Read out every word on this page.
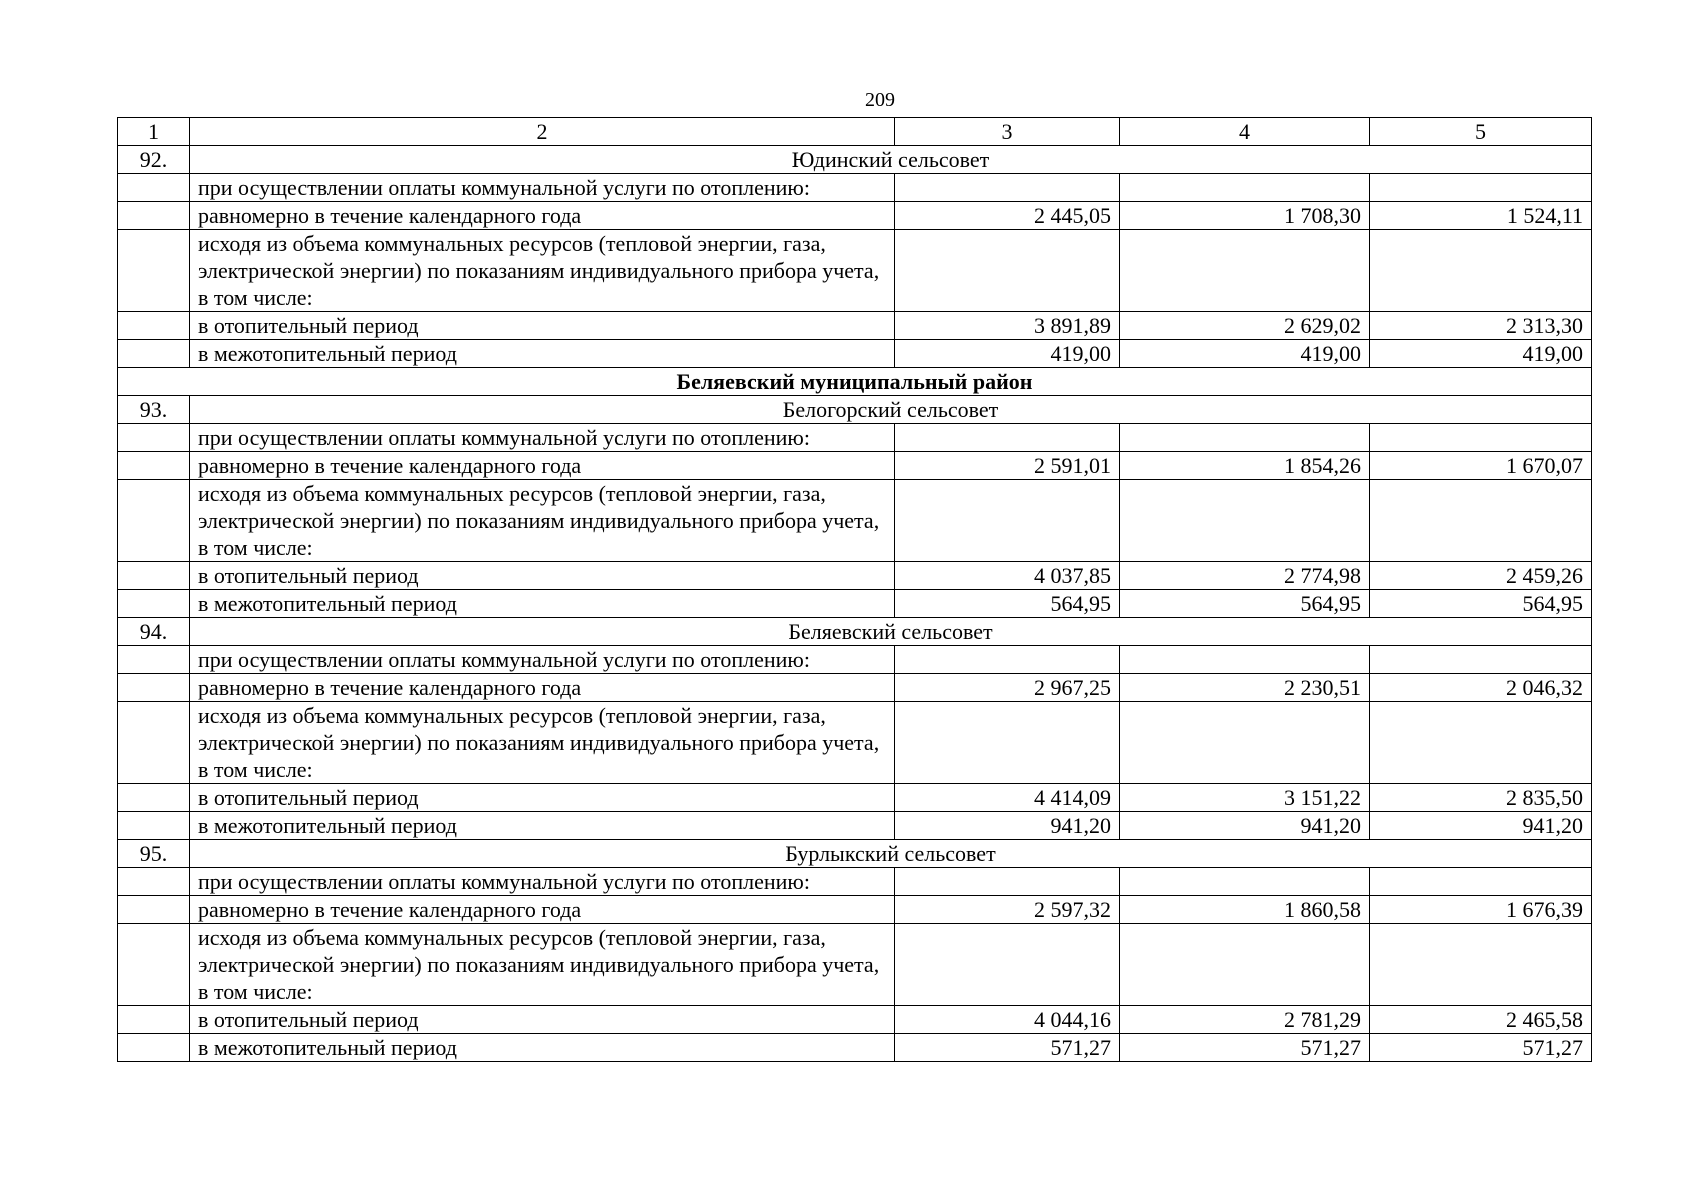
209
1	2	3	4	5
92.	Юдинский сельсовет			
	при осуществлении оплаты коммунальной услуги по отоплению:			
	равномерно в течение календарного года	2 445,05	1 708,30	1 524,11
	исходя из объема коммунальных ресурсов (тепловой энергии, газа, электрической энергии) по показаниям индивидуального прибора учета, в том числе:			
	в отопительный период	3 891,89	2 629,02	2 313,30
	в межотопительный период	419,00	419,00	419,00
Беляевский муниципальный район				
93.	Белогорский сельсовет			
	при осуществлении оплаты коммунальной услуги по отоплению:			
	равномерно в течение календарного года	2 591,01	1 854,26	1 670,07
	исходя из объема коммунальных ресурсов (тепловой энергии, газа, электрической энергии) по показаниям индивидуального прибора учета, в том числе:			
	в отопительный период	4 037,85	2 774,98	2 459,26
	в межотопительный период	564,95	564,95	564,95
94.	Беляевский сельсовет			
	при осуществлении оплаты коммунальной услуги по отоплению:			
	равномерно в течение календарного года	2 967,25	2 230,51	2 046,32
	исходя из объема коммунальных ресурсов (тепловой энергии, газа, электрической энергии) по показаниям индивидуального прибора учета, в том числе:			
	в отопительный период	4 414,09	3 151,22	2 835,50
	в межотопительный период	941,20	941,20	941,20
95.	Бурлыкский сельсовет			
	при осуществлении оплаты коммунальной услуги по отоплению:			
	равномерно в течение календарного года	2 597,32	1 860,58	1 676,39
	исходя из объема коммунальных ресурсов (тепловой энергии, газа, электрической энергии) по показаниям индивидуального прибора учета, в том числе:			
	в отопительный период	4 044,16	2 781,29	2 465,58
	в межотопительный период	571,27	571,27	571,27
